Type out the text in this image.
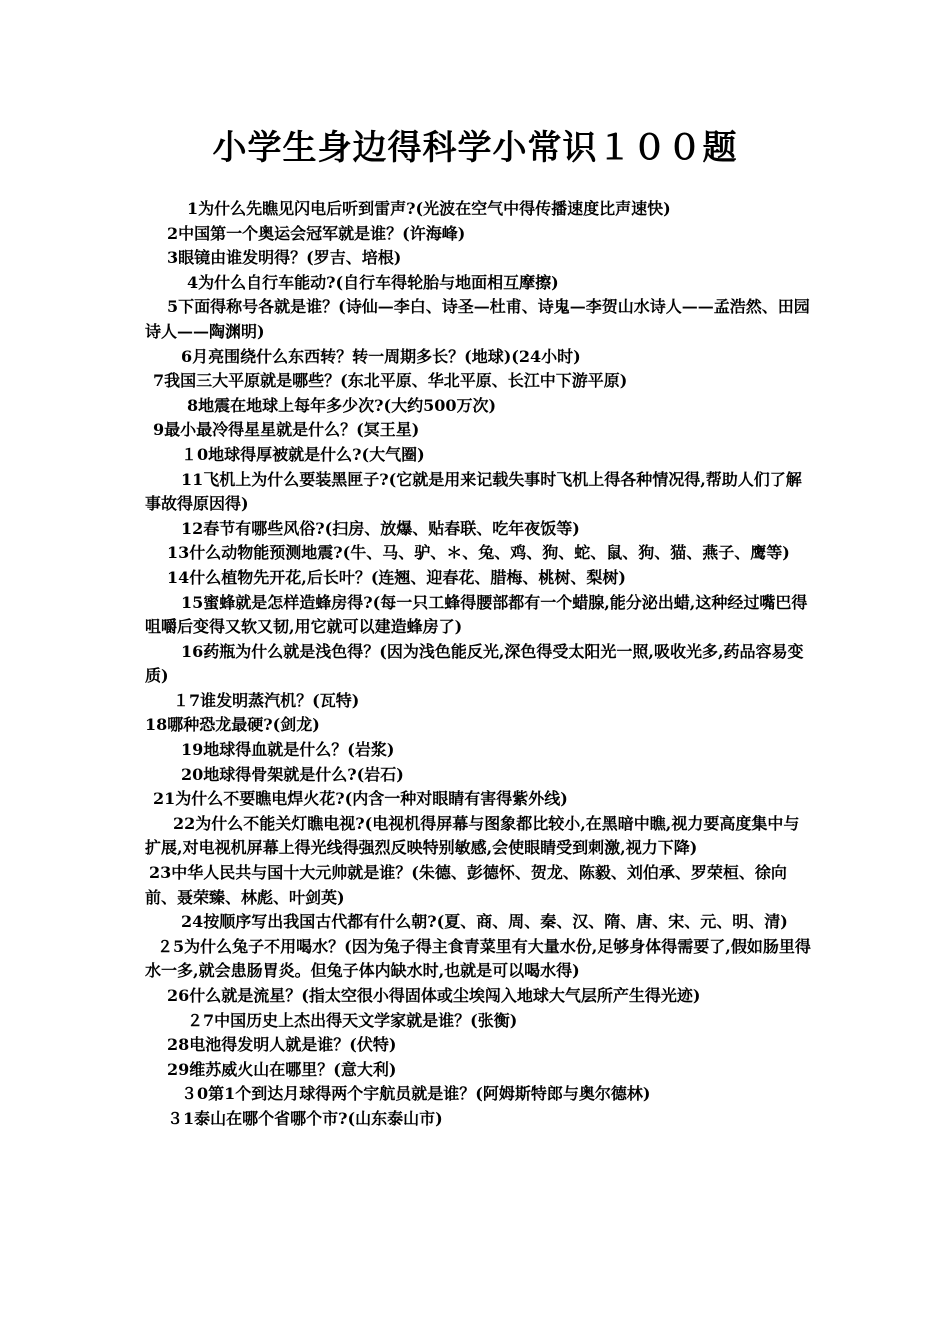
小学生身边得科学小常识１００题
1为什么先瞧见闪电后听到雷声?(光波在空气中得传播速度比声速快)
2中国第一个奥运会冠军就是谁？(许海峰)
3眼镜由谁发明得？(罗吉、培根)
4为什么自行车能动?(自行车得轮胎与地面相互摩擦)
5下面得称号各就是谁？(诗仙—李白、诗圣—杜甫、诗鬼—李贺山水诗人——孟浩然、田园诗人——陶渊明)
6月亮围绕什么东西转？转一周期多长？(地球)(24小时)
7我国三大平原就是哪些？(东北平原、华北平原、长江中下游平原)
8地震在地球上每年多少次?(大约500万次)
9最小最冷得星星就是什么？(冥王星)
１0地球得厚被就是什么?(大气圈)
11飞机上为什么要装黑匣子?(它就是用来记载失事时飞机上得各种情况得,帮助人们了解事故得原因得)
12春节有哪些风俗?(扫房、放爆、贴春联、吃年夜饭等)
13什么动物能预测地震?(牛、马、驴、＊、兔、鸡、狗、蛇、鼠、狗、猫、燕子、鹰等)
14什么植物先开花,后长叶？(连翘、迎春花、腊梅、桃树、梨树)
15蜜蜂就是怎样造蜂房得?(每一只工蜂得腰部都有一个蜡腺,能分泌出蜡,这种经过嘴巴得咀嚼后变得又软又韧,用它就可以建造蜂房了)
16药瓶为什么就是浅色得？(因为浅色能反光,深色得受太阳光一照,吸收光多,药品容易变质)
１7谁发明蒸汽机？(瓦特)
18哪种恐龙最硬?(剑龙)
19地球得血就是什么？(岩浆)
20地球得骨架就是什么?(岩石)
21为什么不要瞧电焊火花?(内含一种对眼睛有害得紫外线)
22为什么不能关灯瞧电视?(电视机得屏幕与图象都比较小,在黑暗中瞧,视力要高度集中与扩展,对电视机屏幕上得光线得强烈反映特别敏感,会使眼睛受到刺激,视力下降)
23中华人民共与国十大元帅就是谁？(朱德、彭德怀、贺龙、陈毅、刘伯承、罗荣桓、徐向前、聂荣臻、林彪、叶剑英)
24按顺序写出我国古代都有什么朝?(夏、商、周、秦、汉、隋、唐、宋、元、明、清)
２5为什么兔子不用喝水？(因为兔子得主食青菜里有大量水份,足够身体得需要了,假如肠里得水一多,就会患肠胃炎。但兔子体内缺水时,也就是可以喝水得)
26什么就是流星？(指太空很小得固体或尘埃闯入地球大气层所产生得光迹)
２7中国历史上杰出得天文学家就是谁？(张衡)
28电池得发明人就是谁？(伏特)
29维苏威火山在哪里？(意大利)
３0第1个到达月球得两个宇航员就是谁？(阿姆斯特郎与奥尔德林)
３1泰山在哪个省哪个市?(山东泰山市)
